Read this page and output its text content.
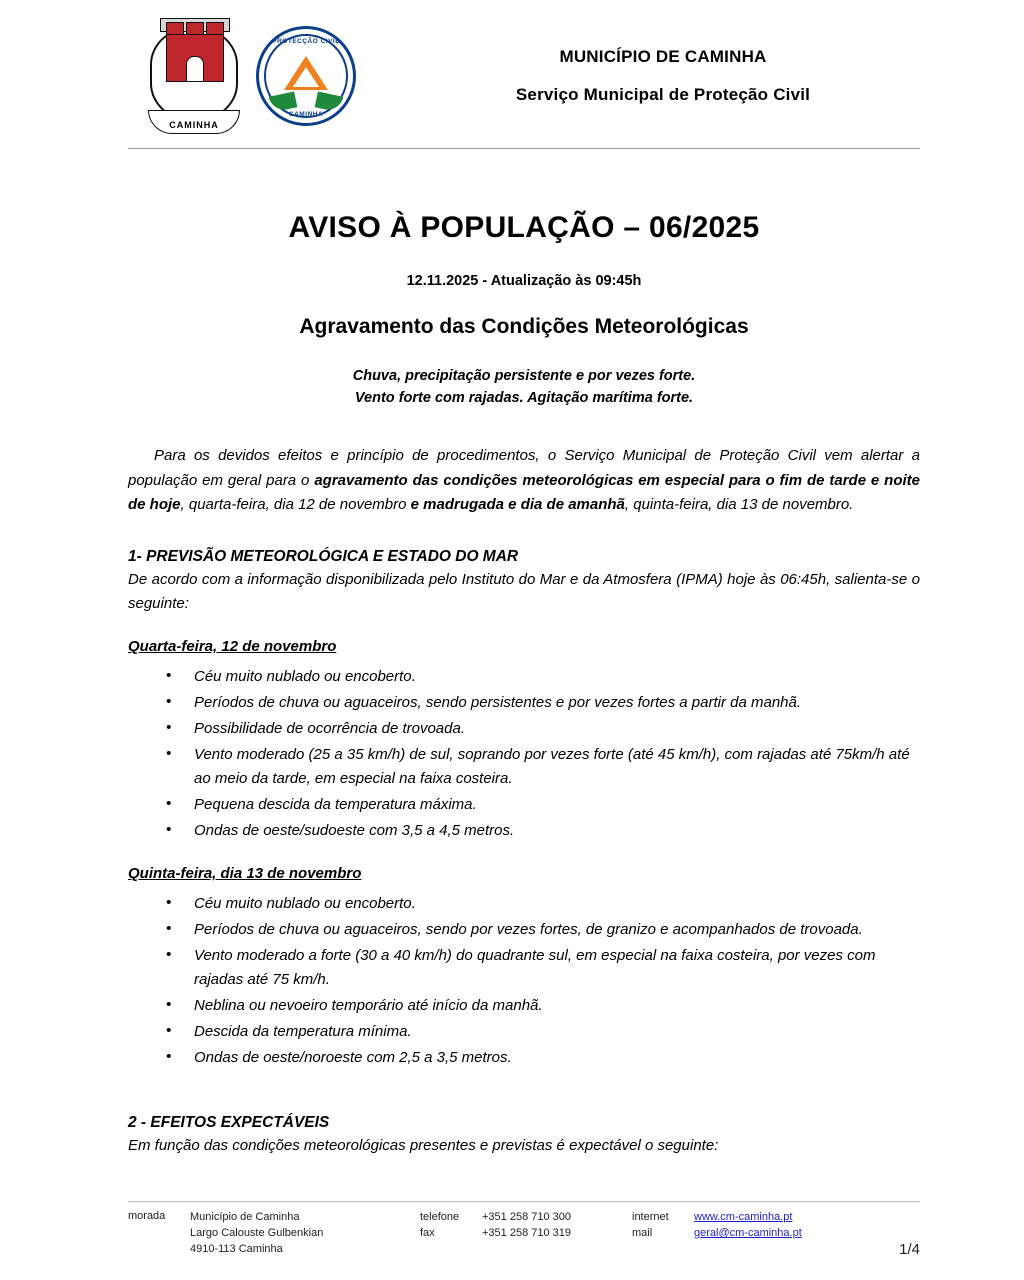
CAMINHA
PROTECÇÃO CIVIL
CAMINHA
MUNICÍPIO DE CAMINHA
Serviço Municipal de Proteção Civil
AVISO À POPULAÇÃO – 06/2025
12.11.2025 - Atualização às 09:45h
Agravamento das Condições Meteorológicas
Chuva, precipitação persistente e por vezes forte.
Vento forte com rajadas. Agitação marítima forte.

Para os devidos efeitos e princípio de procedimentos, o Serviço Municipal de Proteção Civil vem alertar a população em geral para o agravamento das condições meteorológicas em especial para o fim de tarde e noite de hoje, quarta-feira, dia 12 de novembro e madrugada e dia de amanhã, quinta-feira, dia 13 de novembro.

1- PREVISÃO METEOROLÓGICA E ESTADO DO MAR
De acordo com a informação disponibilizada pelo Instituto do Mar e da Atmosfera (IPMA) hoje às 06:45h, salienta-se o seguinte:
Quarta-feira, 12 de novembro
• Céu muito nublado ou encoberto.
• Períodos de chuva ou aguaceiros, sendo persistentes e por vezes fortes a partir da manhã.
• Possibilidade de ocorrência de trovoada.
• Vento moderado (25 a 35 km/h) de sul, soprando por vezes forte (até 45 km/h), com rajadas até 75km/h até ao meio da tarde, em especial na faixa costeira.
• Pequena descida da temperatura máxima.
• Ondas de oeste/sudoeste com 3,5 a 4,5 metros.
Quinta-feira, dia 13 de novembro
• Céu muito nublado ou encoberto.
• Períodos de chuva ou aguaceiros, sendo por vezes fortes, de granizo e acompanhados de trovoada.
• Vento moderado a forte (30 a 40 km/h) do quadrante sul, em especial na faixa costeira, por vezes com rajadas até 75 km/h.
• Neblina ou nevoeiro temporário até início da manhã.
• Descida da temperatura mínima.
• Ondas de oeste/noroeste com 2,5 a 3,5 metros.
2 - EFEITOS EXPECTÁVEIS
Em função das condições meteorológicas presentes e previstas é expectável o seguinte:
morada	Município de Caminha
Largo Calouste Gulbenkian
4910-113 Caminha
telefone
fax
+351 258 710 300
+351 258 710 319
internet
mail
www.cm-caminha.pt
geral@cm-caminha.pt
1/4
